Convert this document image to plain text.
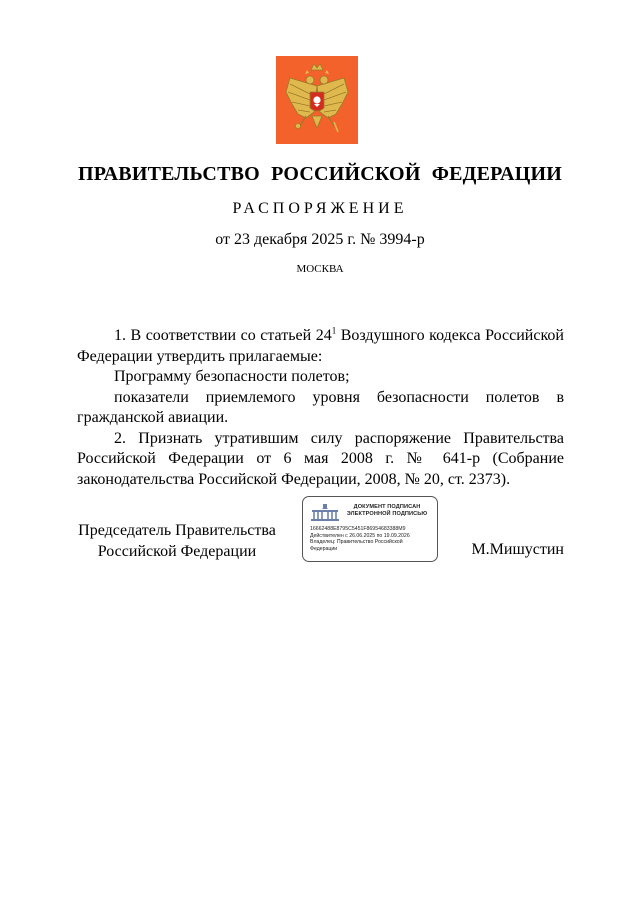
ПРАВИТЕЛЬСТВО РОССИЙСКОЙ ФЕДЕРАЦИИ
РАСПОРЯЖЕНИЕ
от 23 декабря 2025 г. № 3994-р
МОСКВА

1. В соответствии со статьей $24^1$ Воздушного кодекса Российской Федерации утвердить прилагаемые:

Программу безопасности полетов;

показатели приемлемого уровня безопасности полетов в гражданской авиации.

2. Признать утратившим силу распоряжение Правительства Российской Федерации от 6 мая 2008 г. № 641-р (Собрание законодательства Российской Федерации, 2008, № 20, ст. 2373).

Председатель Правительства
Российской Федерации
ДОКУМЕНТ ПОДПИСАН
ЭЛЕКТРОННОЙ ПОДПИСЬЮ
16662488E8795C5451F86954683388M9
Действителен с 26.06.2025 по 19.09.2026
Владелец: Правительство Российской
Федерации	М.Мишустин
